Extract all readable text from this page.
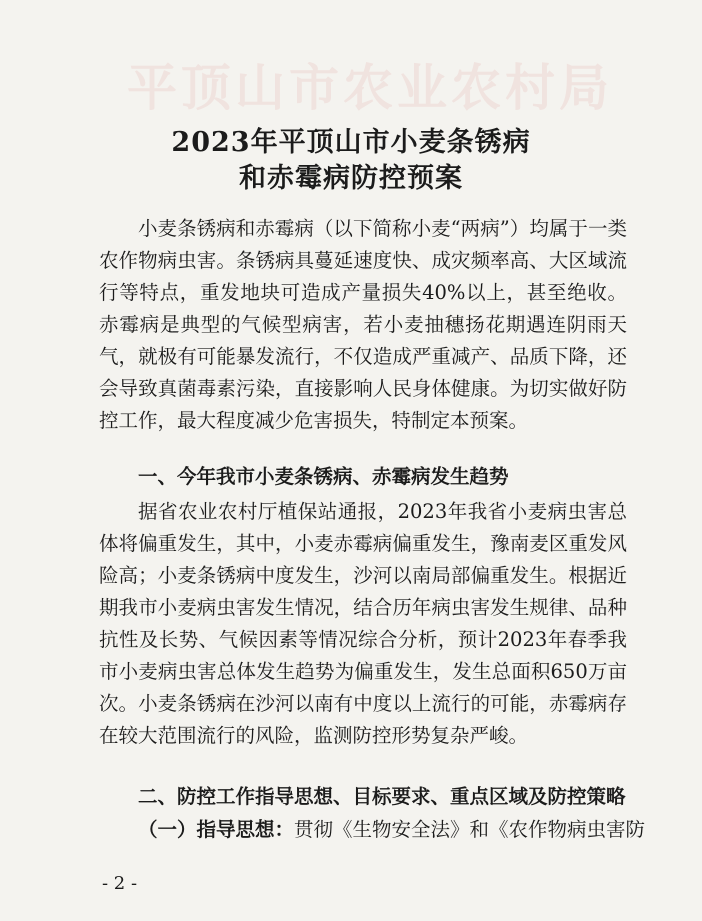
平顶山市农业农村局
2023年平顶山市小麦条锈病
和赤霉病防控预案

小麦条锈病和赤霉病（以下简称小麦“两病”）均属于一类农作物病虫害。条锈病具蔓延速度快、成灾频率高、大区域流行等特点，重发地块可造成产量损失40%以上，甚至绝收。赤霉病是典型的气候型病害，若小麦抽穗扬花期遇连阴雨天气，就极有可能暴发流行，不仅造成严重减产、品质下降，还会导致真菌毒素污染，直接影响人民身体健康。为切实做好防控工作，最大程度减少危害损失，特制定本预案。

一、今年我市小麦条锈病、赤霉病发生趋势

据省农业农村厅植保站通报，2023年我省小麦病虫害总体将偏重发生，其中，小麦赤霉病偏重发生，豫南麦区重发风险高；小麦条锈病中度发生，沙河以南局部偏重发生。根据近期我市小麦病虫害发生情况，结合历年病虫害发生规律、品种抗性及长势、气候因素等情况综合分析，预计2023年春季我市小麦病虫害总体发生趋势为偏重发生，发生总面积650万亩次。小麦条锈病在沙河以南有中度以上流行的可能，赤霉病存在较大范围流行的风险，监测防控形势复杂严峻。

二、防控工作指导思想、目标要求、重点区域及防控策略
（一）指导思想：贯彻《生物安全法》和《农作物病虫害防
- 2 -
